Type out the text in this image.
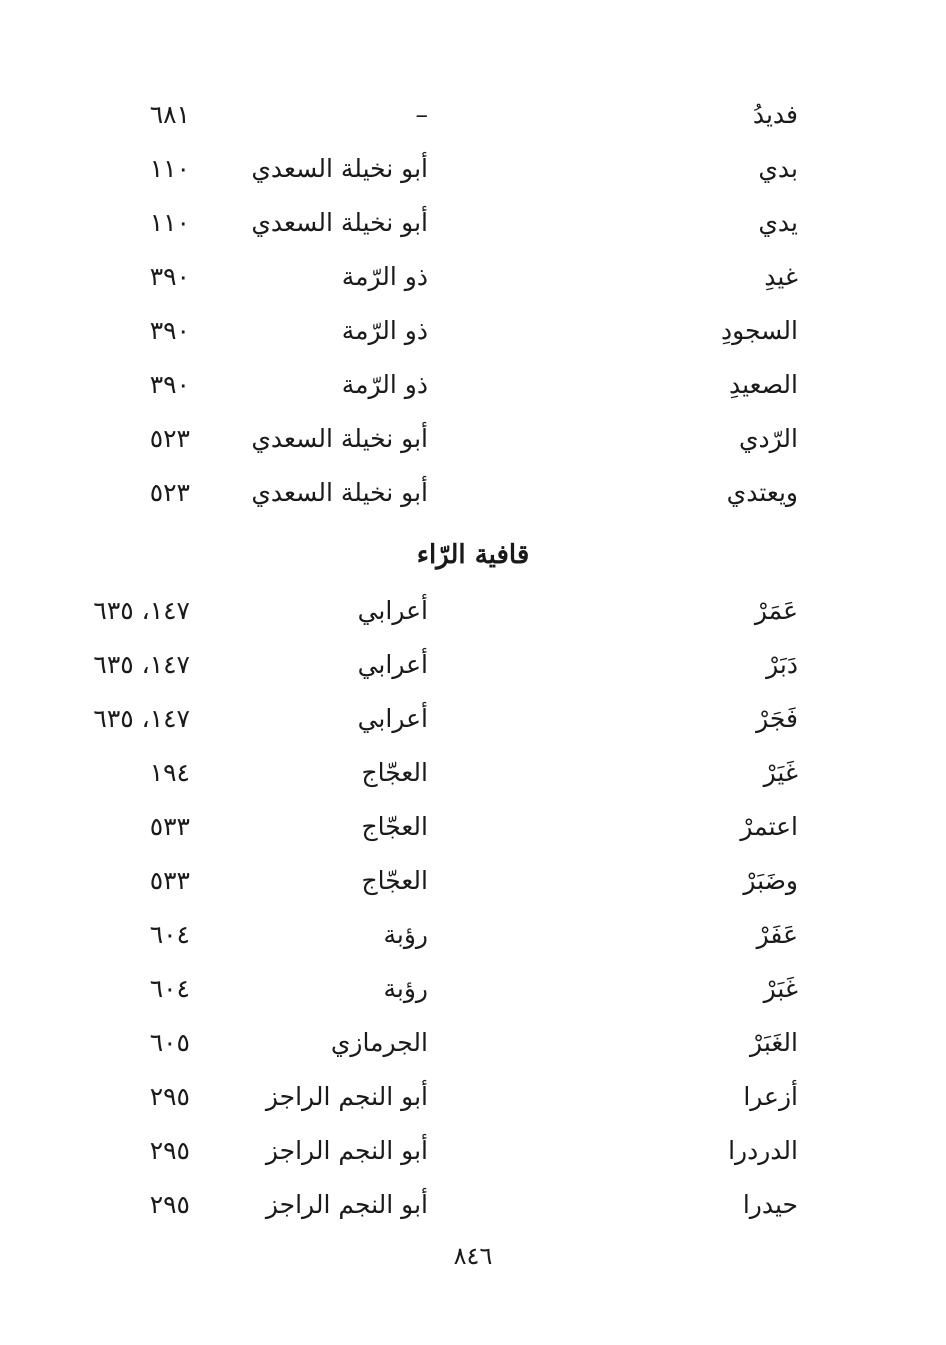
فديدُ
–
٦٨١
بدي
أبو نخيلة السعدي
١١٠
يدي
أبو نخيلة السعدي
١١٠
غيدِ
ذو الرّمة
٣٩٠
السجودِ
ذو الرّمة
٣٩٠
الصعيدِ
ذو الرّمة
٣٩٠
الرّدي
أبو نخيلة السعدي
٥٢٣
ويعتدي
أبو نخيلة السعدي
٥٢٣
قافية الرّاء
عَمَرْ
أعرابي
١٤٧، ٦٣٥
دَبَرْ
أعرابي
١٤٧، ٦٣٥
فَجَرْ
أعرابي
١٤٧، ٦٣٥
غَيَرْ
العجّاج
١٩٤
اعتمرْ
العجّاج
٥٣٣
وضَبَرْ
العجّاج
٥٣٣
عَفَرْ
رؤبة
٦٠٤
غَبَرْ
رؤبة
٦٠٤
الغَبَرْ
الجرمازي
٦٠٥
أزعرا
أبو النجم الراجز
٢٩٥
الدردرا
أبو النجم الراجز
٢٩٥
حيدرا
أبو النجم الراجز
٢٩٥
٨٤٦
